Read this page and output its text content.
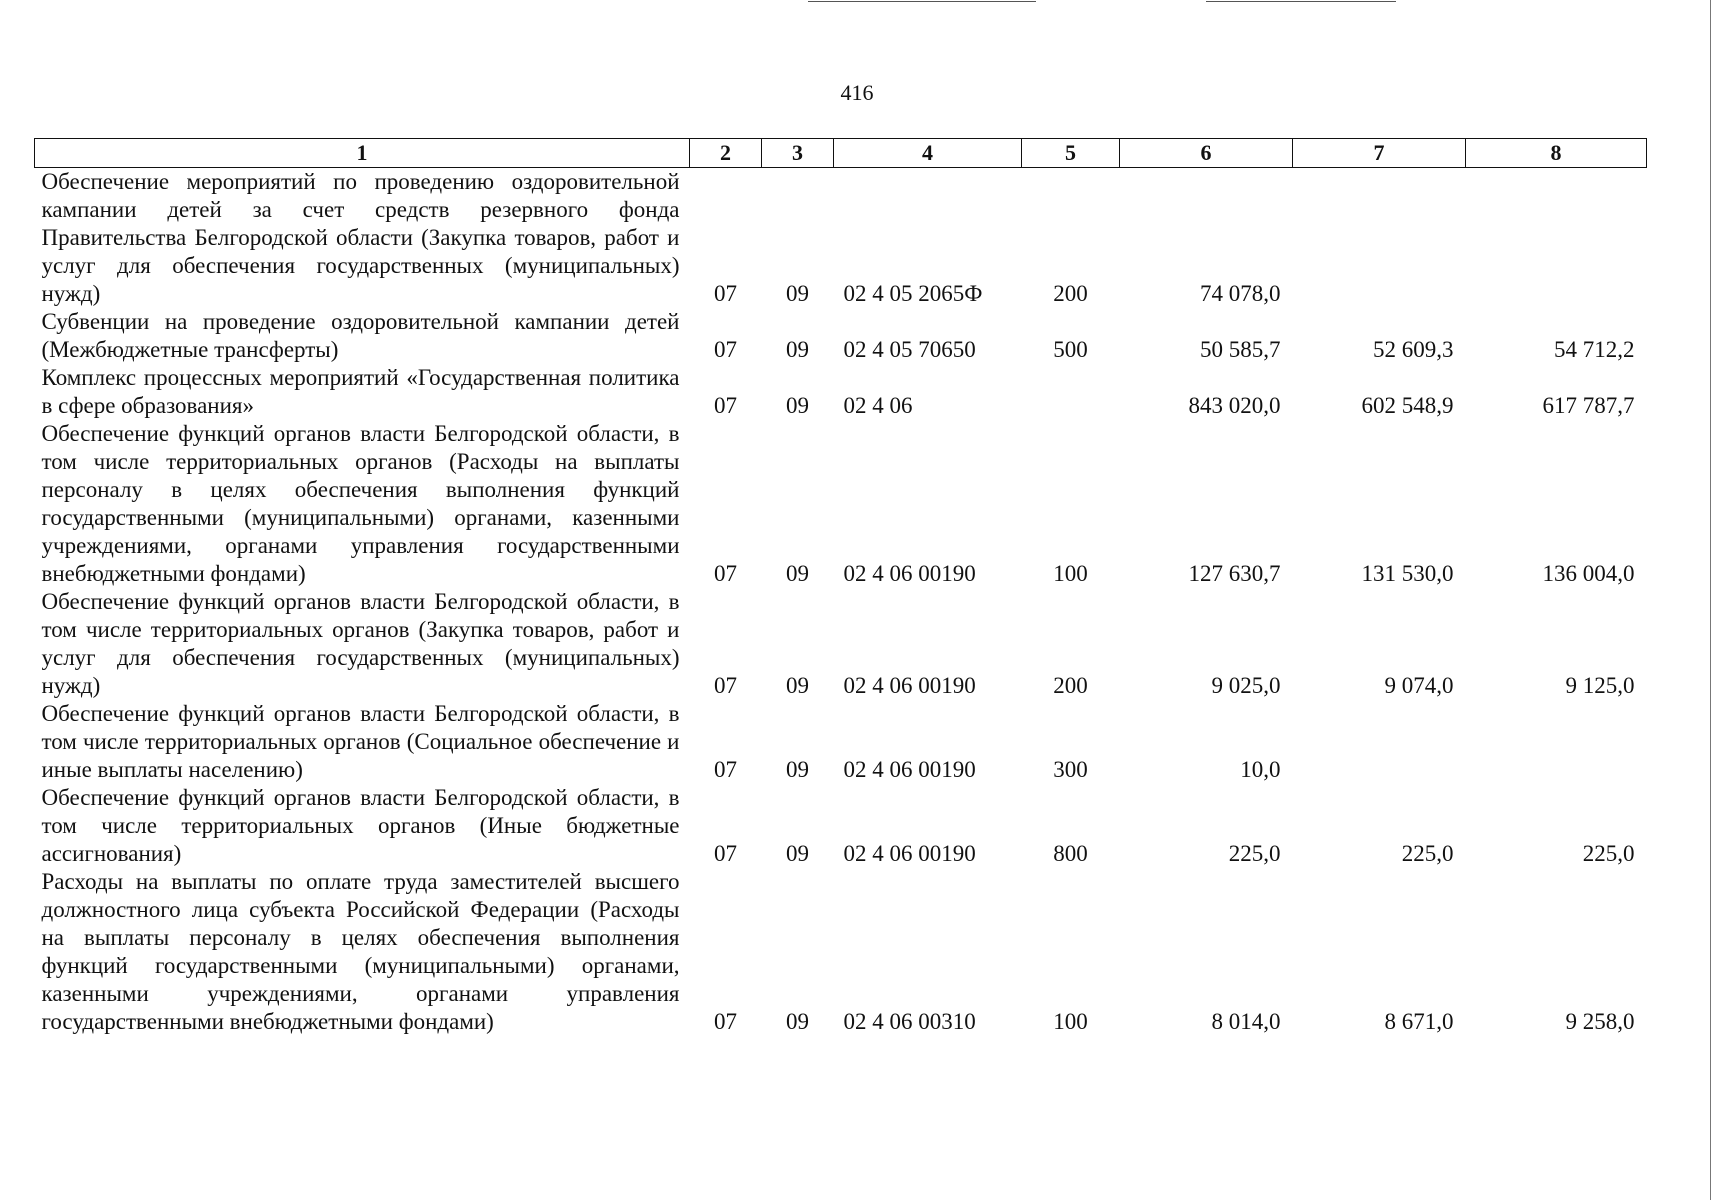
416
1	2	3	4	5	6	7	8
Обеспечение мероприятий по проведению оздоровительной кампании детей за счет средств резервного фонда Правительства Белгородской области (Закупка товаров, работ и услуг для обеспечения государственных (муниципальных) нужд)	07	09	02 4 05 2065Ф	200	74 078,0		
Субвенции на проведение оздоровительной кампании детей (Межбюджетные трансферты)	07	09	02 4 05 70650	500	50 585,7	52 609,3	54 712,2
Комплекс процессных мероприятий «Государственная политика в сфере образования»	07	09	02 4 06		843 020,0	602 548,9	617 787,7
Обеспечение функций органов власти Белгородской области, в том числе территориальных органов (Расходы на выплаты персоналу в целях обеспечения выполнения функций государственными (муниципальными) органами, казенными учреждениями, органами управления государственными внебюджетными фондами)	07	09	02 4 06 00190	100	127 630,7	131 530,0	136 004,0
Обеспечение функций органов власти Белгородской области, в том числе территориальных органов (Закупка товаров, работ и услуг для обеспечения государственных (муниципальных) нужд)	07	09	02 4 06 00190	200	9 025,0	9 074,0	9 125,0
Обеспечение функций органов власти Белгородской области, в том числе территориальных органов (Социальное обеспечение и иные выплаты населению)	07	09	02 4 06 00190	300	10,0		
Обеспечение функций органов власти Белгородской области, в том числе территориальных органов (Иные бюджетные ассигнования)	07	09	02 4 06 00190	800	225,0	225,0	225,0
Расходы на выплаты по оплате труда заместителей высшего должностного лица субъекта Российской Федерации (Расходы на выплаты персоналу в целях обеспечения выполнения функций государственными (муниципальными) органами, казенными учреждениями, органами управления государственными внебюджетными фондами)	07	09	02 4 06 00310	100	8 014,0	8 671,0	9 258,0
